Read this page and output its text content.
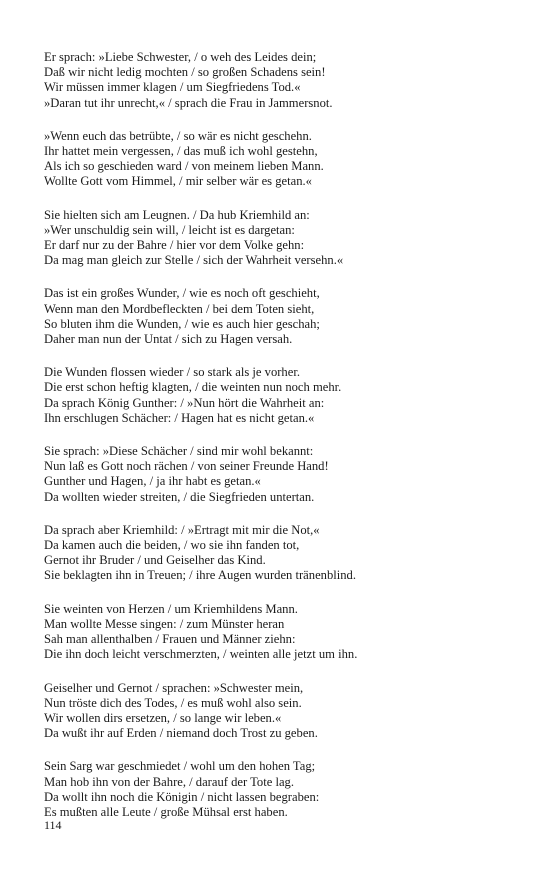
Er sprach: »Liebe Schwester, / o weh des Leides dein;
Daß wir nicht ledig mochten / so großen Schadens sein!
Wir müssen immer klagen / um Siegfriedens Tod.«
»Daran tut ihr unrecht,« / sprach die Frau in Jammersnot.
»Wenn euch das betrübte, / so wär es nicht geschehn.
Ihr hattet mein vergessen, / das muß ich wohl gestehn,
Als ich so geschieden ward / von meinem lieben Mann.
Wollte Gott vom Himmel, / mir selber wär es getan.«
Sie hielten sich am Leugnen. / Da hub Kriemhild an:
»Wer unschuldig sein will, / leicht ist es dargetan:
Er darf nur zu der Bahre / hier vor dem Volke gehn:
Da mag man gleich zur Stelle / sich der Wahrheit versehn.«
Das ist ein großes Wunder, / wie es noch oft geschieht,
Wenn man den Mordbefleckten / bei dem Toten sieht,
So bluten ihm die Wunden, / wie es auch hier geschah;
Daher man nun der Untat / sich zu Hagen versah.
Die Wunden flossen wieder / so stark als je vorher.
Die erst schon heftig klagten, / die weinten nun noch mehr.
Da sprach König Gunther: / »Nun hört die Wahrheit an:
Ihn erschlugen Schächer: / Hagen hat es nicht getan.«
Sie sprach: »Diese Schächer / sind mir wohl bekannt:
Nun laß es Gott noch rächen / von seiner Freunde Hand!
Gunther und Hagen, / ja ihr habt es getan.«
Da wollten wieder streiten, / die Siegfrieden untertan.
Da sprach aber Kriemhild: / »Ertragt mit mir die Not,«
Da kamen auch die beiden, / wo sie ihn fanden tot,
Gernot ihr Bruder / und Geiselher das Kind.
Sie beklagten ihn in Treuen; / ihre Augen wurden tränenblind.
Sie weinten von Herzen / um Kriemhildens Mann.
Man wollte Messe singen: / zum Münster heran
Sah man allenthalben / Frauen und Männer ziehn:
Die ihn doch leicht verschmerzten, / weinten alle jetzt um ihn.
Geiselher und Gernot / sprachen: »Schwester mein,
Nun tröste dich des Todes, / es muß wohl also sein.
Wir wollen dirs ersetzen, / so lange wir leben.«
Da wußt ihr auf Erden / niemand doch Trost zu geben.
Sein Sarg war geschmiedet / wohl um den hohen Tag;
Man hob ihn von der Bahre, / darauf der Tote lag.
Da wollt ihn noch die Königin / nicht lassen begraben:
Es mußten alle Leute / große Mühsal erst haben.
114
